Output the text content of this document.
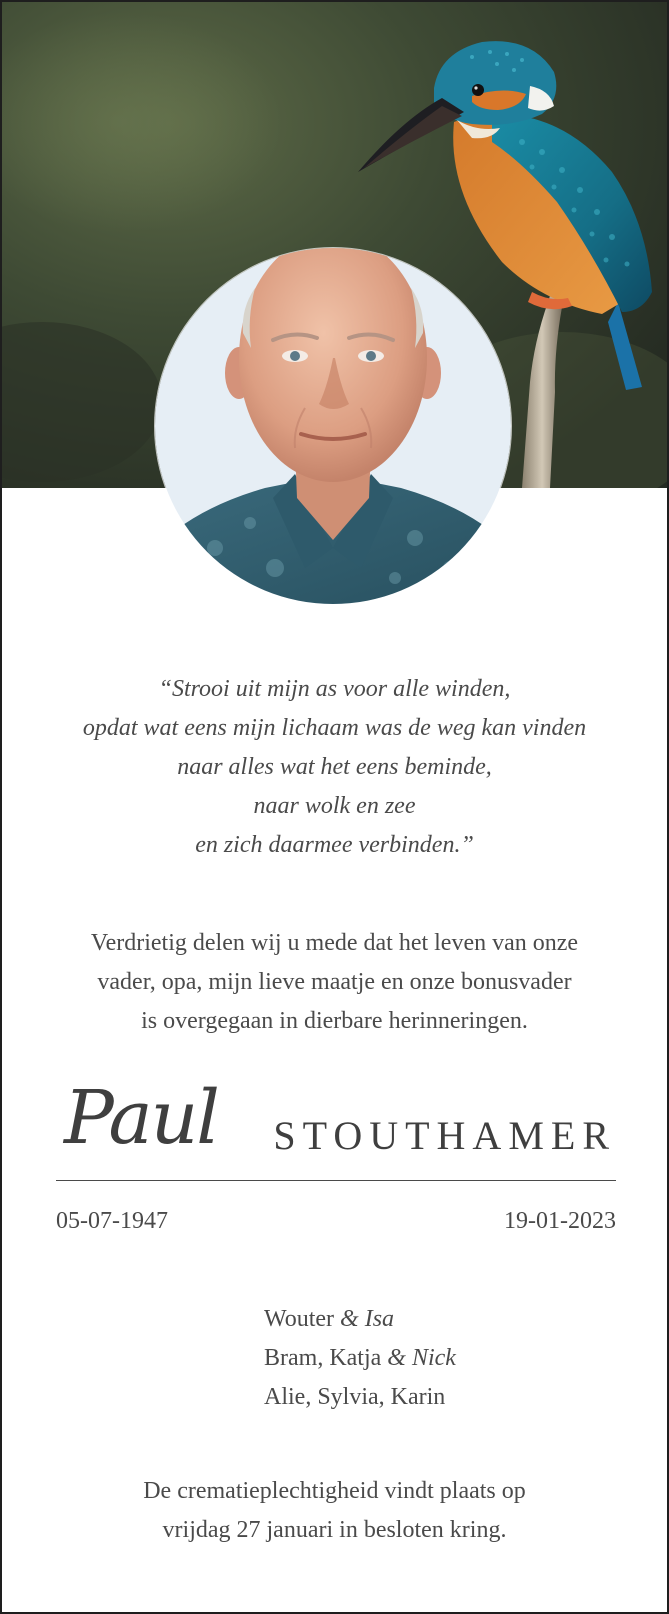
“Strooi uit mijn as voor alle winden,
opdat wat eens mijn lichaam was de weg kan vinden
naar alles wat het eens beminde,
naar wolk en zee
en zich daarmee verbinden.”
Verdrietig delen wij u mede dat het leven van onze
vader, opa, mijn lieve maatje en onze bonusvader
is overgegaan in dierbare herinneringen.
Paul STOUTHAMER
05-07-1947	19-01-2023
Wouter & Isa
Bram, Katja & Nick
Alie, Sylvia, Karin
De crematieplechtigheid vindt plaats op
vrijdag 27 januari in besloten kring.
